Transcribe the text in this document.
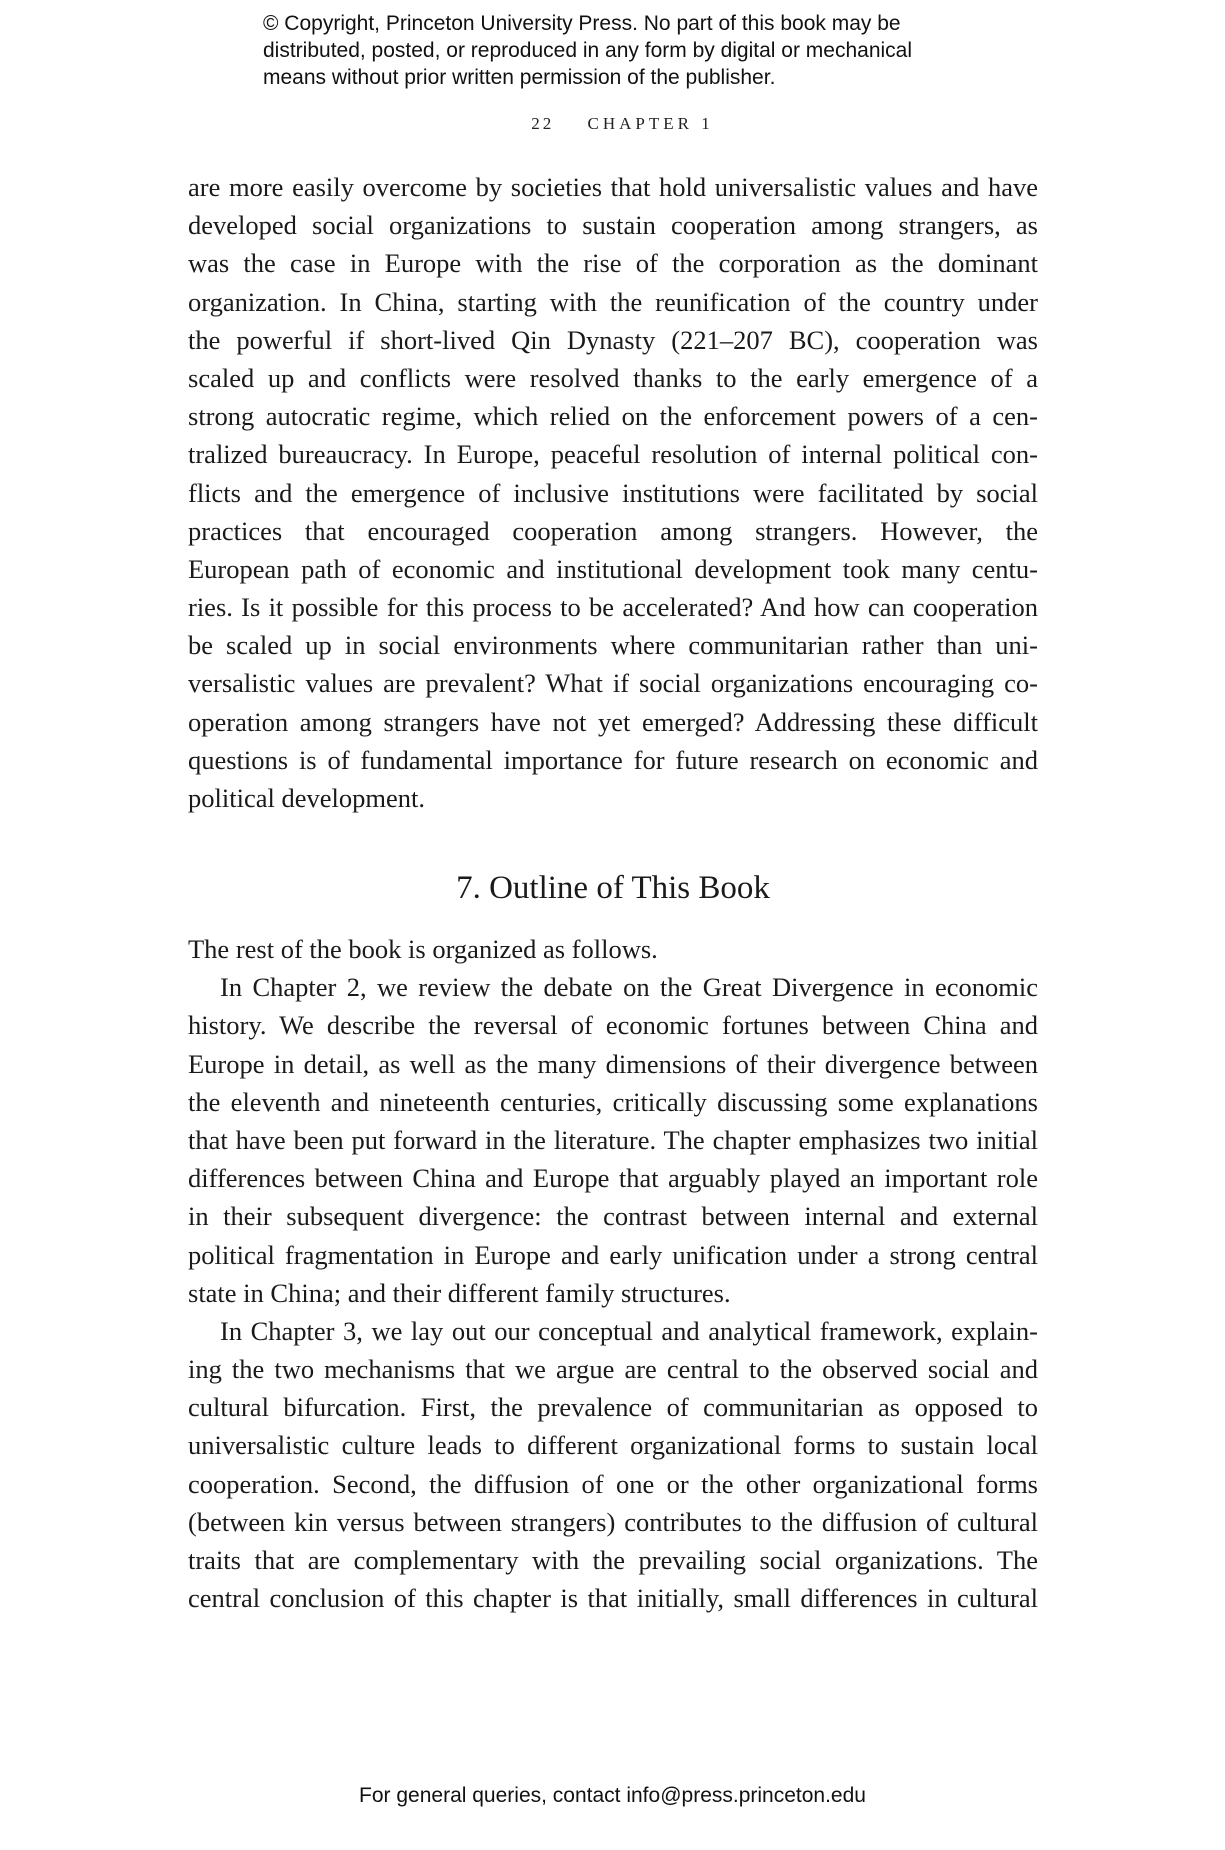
© Copyright, Princeton University Press. No part of this book may be
distributed, posted, or reproduced in any form by digital or mechanical
means without prior written permission of the publisher.
22 CHAPTER 1
are more easily overcome by societies that hold universalistic values and have
developed social organizations to sustain cooperation among strangers, as
was the case in Europe with the rise of the corporation as the dominant
organization. In China, starting with the reunification of the country under
the powerful if short-lived Qin Dynasty (221–207 BC), cooperation was
scaled up and conflicts were resolved thanks to the early emergence of a
strong autocratic regime, which relied on the enforcement powers of a cen-
tralized bureaucracy. In Europe, peaceful resolution of internal political con-
flicts and the emergence of inclusive institutions were facilitated by social
practices that encouraged cooperation among strangers. However, the
European path of economic and institutional development took many centu-
ries. Is it possible for this process to be accelerated? And how can cooperation
be scaled up in social environments where communitarian rather than uni-
versalistic values are prevalent? What if social organizations encouraging co-
operation among strangers have not yet emerged? Addressing these difficult
questions is of fundamental importance for future research on economic and
political development.
7. Outline of This Book
The rest of the book is organized as follows.
In Chapter 2, we review the debate on the Great Divergence in economic
history. We describe the reversal of economic fortunes between China and
Europe in detail, as well as the many dimensions of their divergence between
the eleventh and nineteenth centuries, critically discussing some explanations
that have been put forward in the literature. The chapter emphasizes two initial
differences between China and Europe that arguably played an important role
in their subsequent divergence: the contrast between internal and external
political fragmentation in Europe and early unification under a strong central
state in China; and their different family structures.
In Chapter 3, we lay out our conceptual and analytical framework, explain-
ing the two mechanisms that we argue are central to the observed social and
cultural bifurcation. First, the prevalence of communitarian as opposed to
universalistic culture leads to different organizational forms to sustain local
cooperation. Second, the diffusion of one or the other organizational forms
(between kin versus between strangers) contributes to the diffusion of cultural
traits that are complementary with the prevailing social organizations. The
central conclusion of this chapter is that initially, small differences in cultural
For general queries, contact info@press.princeton.edu
